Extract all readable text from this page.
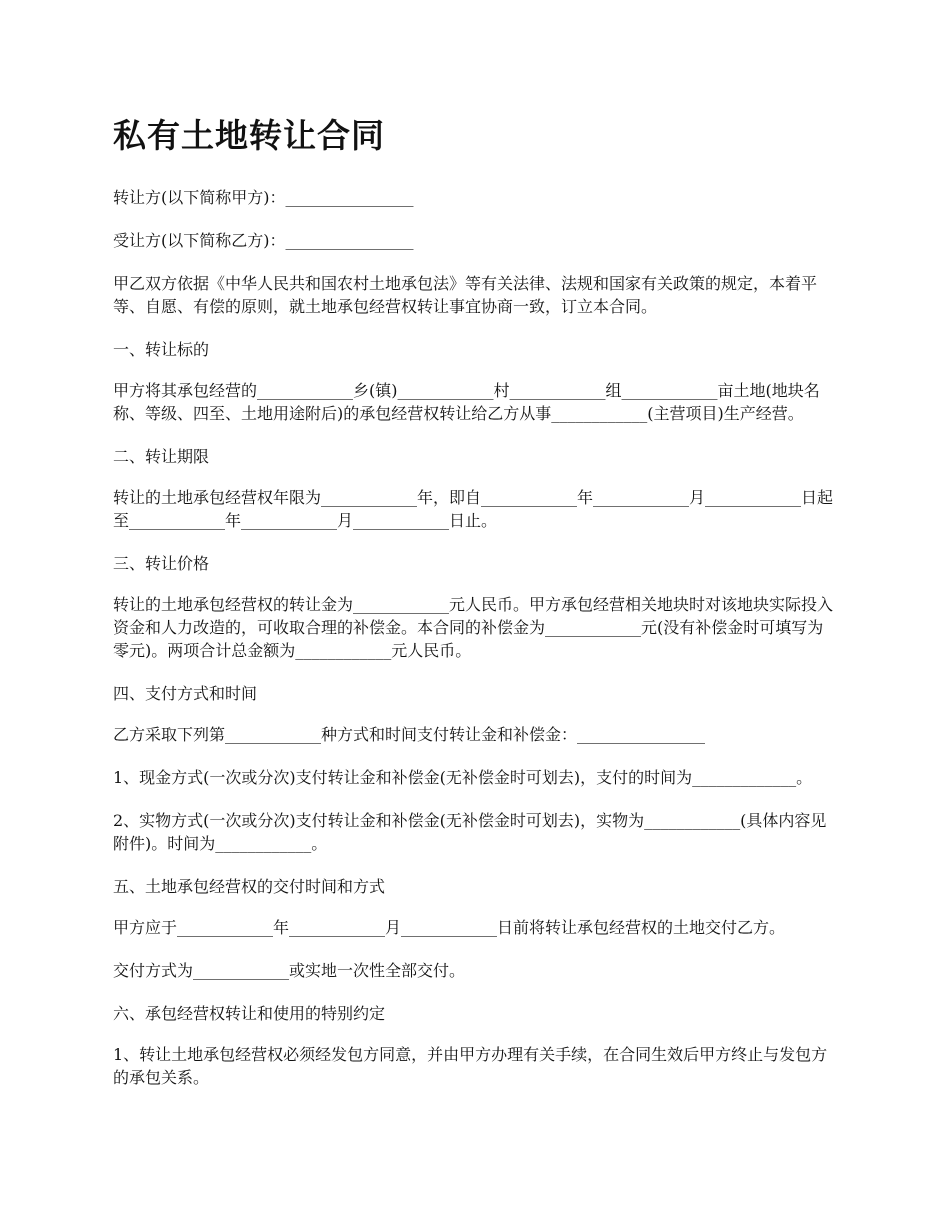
私有土地转让合同

转让方(以下简称甲方)：________________

受让方(以下简称乙方)：________________

甲乙双方依据《中华人民共和国农村土地承包法》等有关法律、法规和国家有关政策的规定，本着平等、自愿、有偿的原则，就土地承包经营权转让事宜协商一致，订立本合同。

一、转让标的

甲方将其承包经营的____________乡(镇)____________村____________组____________亩土地(地块名称、等级、四至、土地用途附后)的承包经营权转让给乙方从事____________(主营项目)生产经营。

二、转让期限

转让的土地承包经营权年限为____________年，即自____________年____________月____________日起至____________年____________月____________日止。

三、转让价格

转让的土地承包经营权的转让金为____________元人民币。甲方承包经营相关地块时对该地块实际投入资金和人力改造的，可收取合理的补偿金。本合同的补偿金为____________元(没有补偿金时可填写为零元)。两项合计总金额为____________元人民币。

四、支付方式和时间

乙方采取下列第____________种方式和时间支付转让金和补偿金：________________

1、现金方式(一次或分次)支付转让金和补偿金(无补偿金时可划去)，支付的时间为_____________。

2、实物方式(一次或分次)支付转让金和补偿金(无补偿金时可划去)，实物为____________(具体内容见附件)。时间为____________。

五、土地承包经营权的交付时间和方式

甲方应于____________年____________月____________日前将转让承包经营权的土地交付乙方。

交付方式为____________或实地一次性全部交付。

六、承包经营权转让和使用的特别约定

1、转让土地承包经营权必须经发包方同意，并由甲方办理有关手续，在合同生效后甲方终止与发包方的承包关系。
